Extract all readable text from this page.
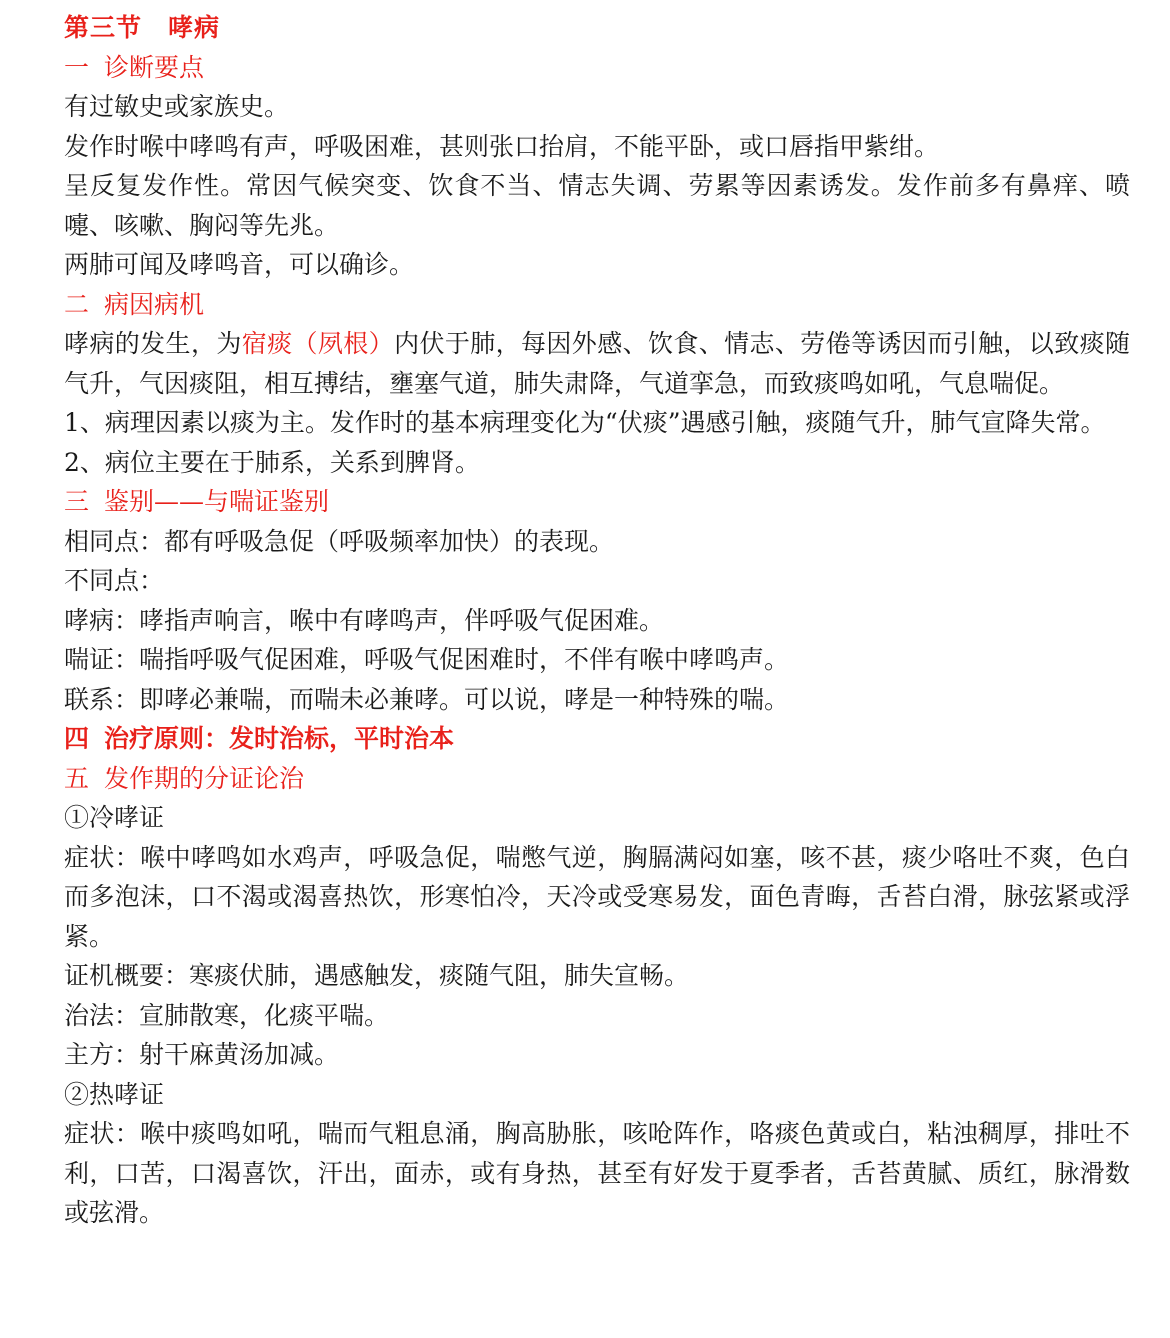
第三节 哮病

一 诊断要点

有过敏史或家族史。

发作时喉中哮鸣有声，呼吸困难，甚则张口抬肩，不能平卧，或口唇指甲紫绀。

呈反复发作性。常因气候突变、饮食不当、情志失调、劳累等因素诱发。发作前多有鼻痒、喷嚏、咳嗽、胸闷等先兆。

两肺可闻及哮鸣音，可以确诊。

二 病因病机

哮病的发生，为宿痰（夙根）内伏于肺，每因外感、饮食、情志、劳倦等诱因而引触，以致痰随气升，气因痰阻，相互搏结，壅塞气道，肺失肃降，气道挛急，而致痰鸣如吼，气息喘促。

1、病理因素以痰为主。发作时的基本病理变化为“伏痰”遇感引触，痰随气升，肺气宣降失常。

2、病位主要在于肺系，关系到脾肾。

三 鉴别——与喘证鉴别

相同点：都有呼吸急促（呼吸频率加快）的表现。

不同点：

哮病：哮指声响言，喉中有哮鸣声，伴呼吸气促困难。

喘证：喘指呼吸气促困难，呼吸气促困难时，不伴有喉中哮鸣声。

联系：即哮必兼喘，而喘未必兼哮。可以说，哮是一种特殊的喘。

四 治疗原则：发时治标，平时治本

五 发作期的分证论治

①冷哮证

症状：喉中哮鸣如水鸡声，呼吸急促，喘憋气逆，胸膈满闷如塞，咳不甚，痰少咯吐不爽，色白而多泡沫，口不渴或渴喜热饮，形寒怕冷，天冷或受寒易发，面色青晦，舌苔白滑，脉弦紧或浮紧。

证机概要：寒痰伏肺，遇感触发，痰随气阻，肺失宣畅。

治法：宣肺散寒，化痰平喘。

主方：射干麻黄汤加减。

②热哮证

症状：喉中痰鸣如吼，喘而气粗息涌，胸高胁胀，咳呛阵作，咯痰色黄或白，粘浊稠厚，排吐不利，口苦，口渴喜饮，汗出，面赤，或有身热，甚至有好发于夏季者，舌苔黄腻、质红，脉滑数或弦滑。
